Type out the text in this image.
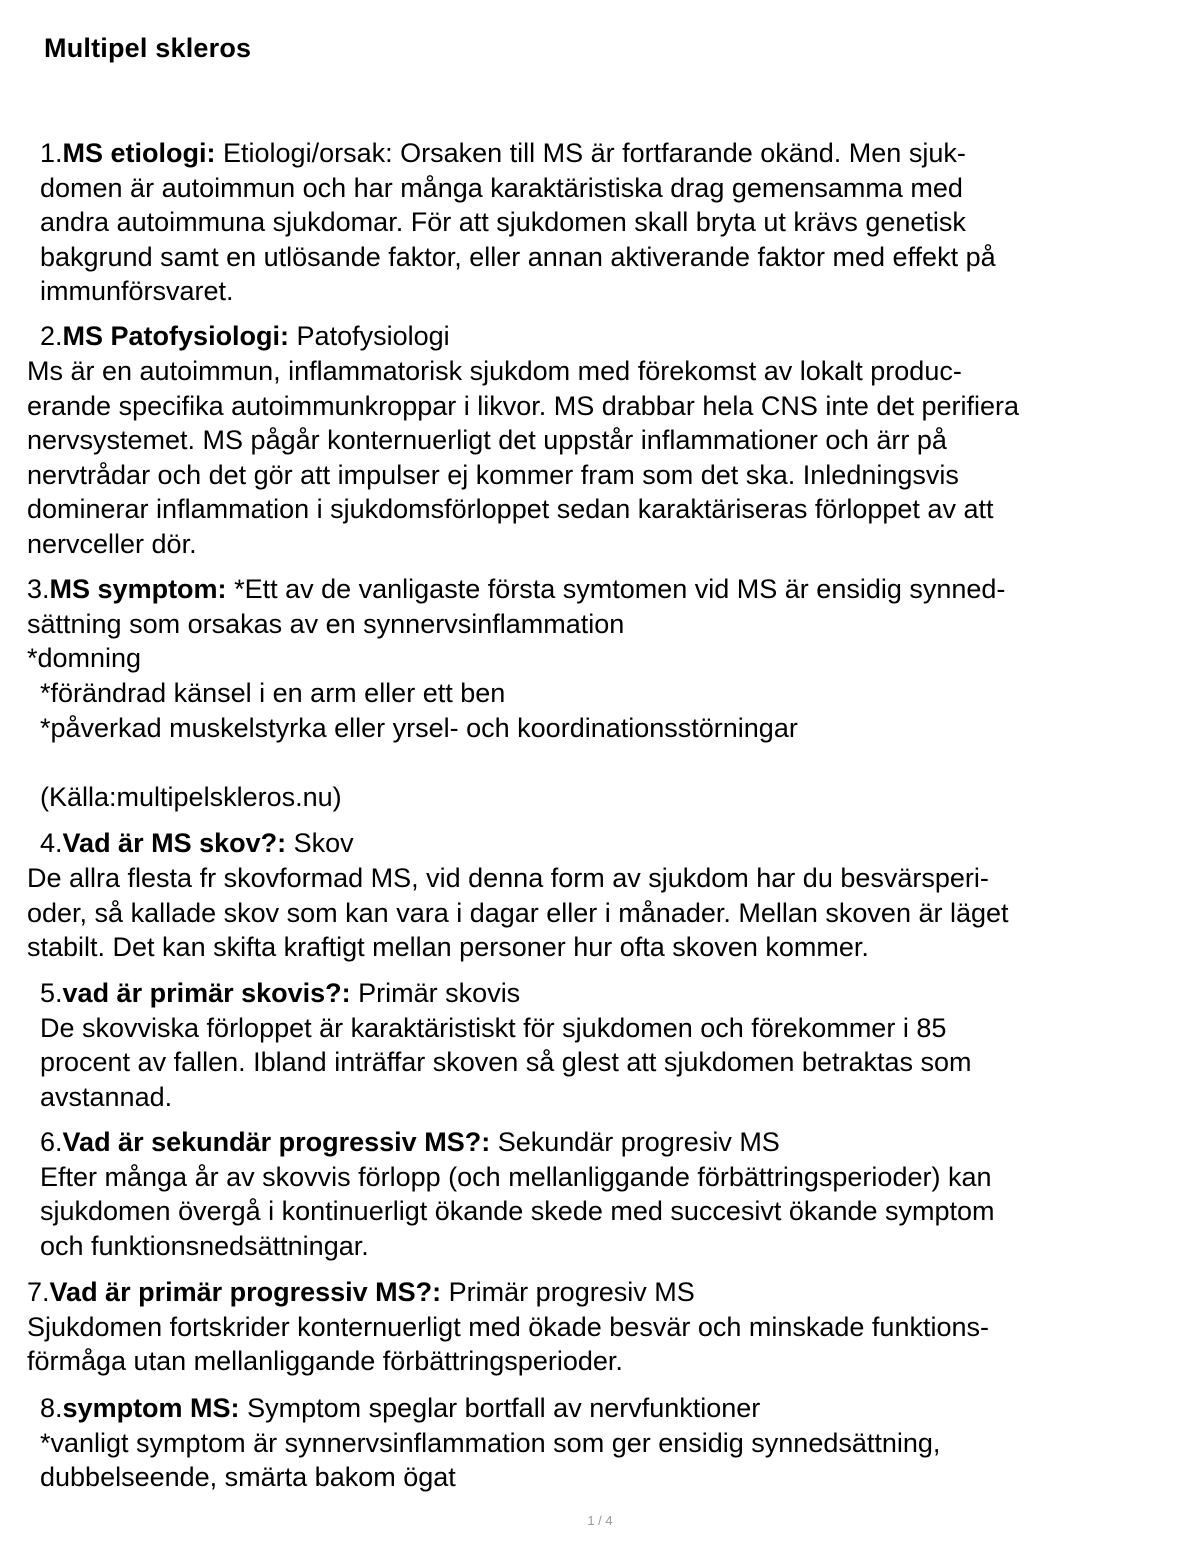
Multipel skleros
1.MS etiologi: Etiologi/orsak: Orsaken till MS är fortfarande okänd. Men sjuk-
domen är autoimmun och har många karaktäristiska drag gemensamma med
andra autoimmuna sjukdomar. För att sjukdomen skall bryta ut krävs genetisk
bakgrund samt en utlösande faktor, eller annan aktiverande faktor med effekt på
immunförsvaret.
2.MS Patofysiologi: Patofysiologi
Ms är en autoimmun, inflammatorisk sjukdom med förekomst av lokalt produc-
erande specifika autoimmunkroppar i likvor. MS drabbar hela CNS inte det perifiera
nervsystemet. MS pågår konternuerligt det uppstår inflammationer och ärr på
nervtrådar och det gör att impulser ej kommer fram som det ska. Inledningsvis
dominerar inflammation i sjukdomsförloppet sedan karaktäriseras förloppet av att
nervceller dör.
3.MS symptom: *Ett av de vanligaste första symtomen vid MS är ensidig synned-
sättning som orsakas av en synnervsinflammation
*domning
*förändrad känsel i en arm eller ett ben
*påverkad muskelstyrka eller yrsel- och koordinationsstörningar
(Källa:multipelskleros.nu)
4.Vad är MS skov?: Skov
De allra flesta fr skovformad MS, vid denna form av sjukdom har du besvärsperi-
oder, så kallade skov som kan vara i dagar eller i månader. Mellan skoven är läget
stabilt. Det kan skifta kraftigt mellan personer hur ofta skoven kommer.
5.vad är primär skovis?: Primär skovis
De skovviska förloppet är karaktäristiskt för sjukdomen och förekommer i 85
procent av fallen. Ibland inträffar skoven så glest att sjukdomen betraktas som
avstannad.
6.Vad är sekundär progressiv MS?: Sekundär progresiv MS
Efter många år av skovvis förlopp (och mellanliggande förbättringsperioder) kan
sjukdomen övergå i kontinuerligt ökande skede med succesivt ökande symptom
och funktionsnedsättningar.
7.Vad är primär progressiv MS?: Primär progresiv MS
Sjukdomen fortskrider konternuerligt med ökade besvär och minskade funktions-
förmåga utan mellanliggande förbättringsperioder.
8.symptom MS: Symptom speglar bortfall av nervfunktioner
*vanligt symptom är synnervsinflammation som ger ensidig synnedsättning,
dubbelseende, smärta bakom ögat
1 / 4
